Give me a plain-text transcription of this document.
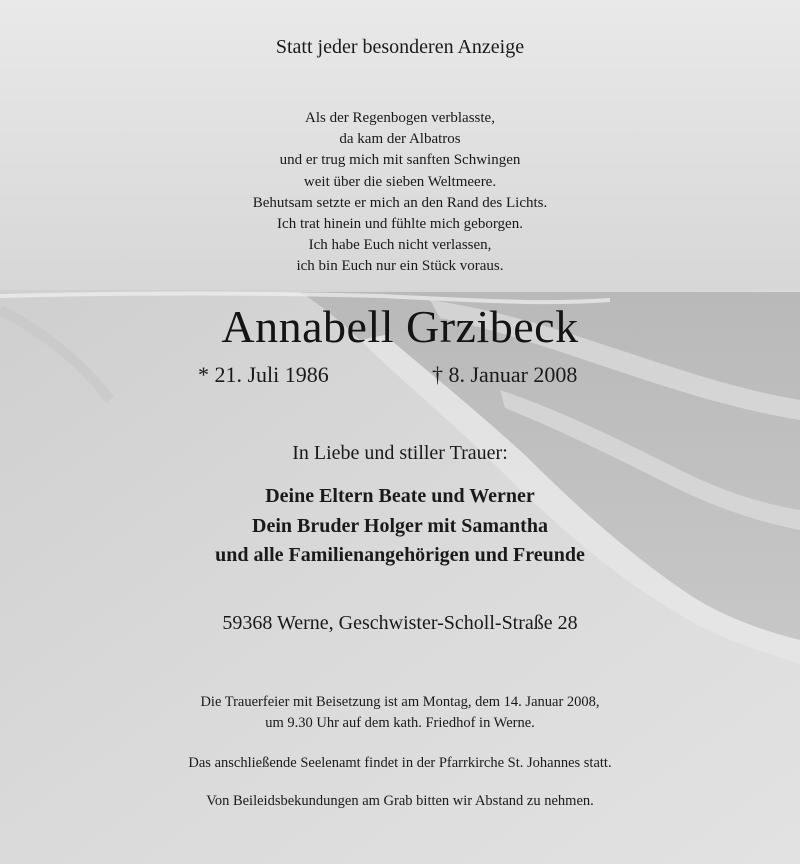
Statt jeder besonderen Anzeige

Als der Regenbogen verblasste,
da kam der Albatros
und er trug mich mit sanften Schwingen
weit über die sieben Weltmeere.
Behutsam setzte er mich an den Rand des Lichts.
Ich trat hinein und fühlte mich geborgen.
Ich habe Euch nicht verlassen,
ich bin Euch nur ein Stück voraus.
Annabell Grzibeck
* 21. Juli 1986	† 8. Januar 2008

In Liebe und stiller Trauer:

Deine Eltern Beate und Werner
Dein Bruder Holger mit Samantha
und alle Familienangehörigen und Freunde

59368 Werne, Geschwister-Scholl-Straße 28

Die Trauerfeier mit Beisetzung ist am Montag, dem 14. Januar 2008,
um 9.30 Uhr auf dem kath. Friedhof in Werne.

Das anschließende Seelenamt findet in der Pfarrkirche St. Johannes statt.

Von Beileidsbekundungen am Grab bitten wir Abstand zu nehmen.
